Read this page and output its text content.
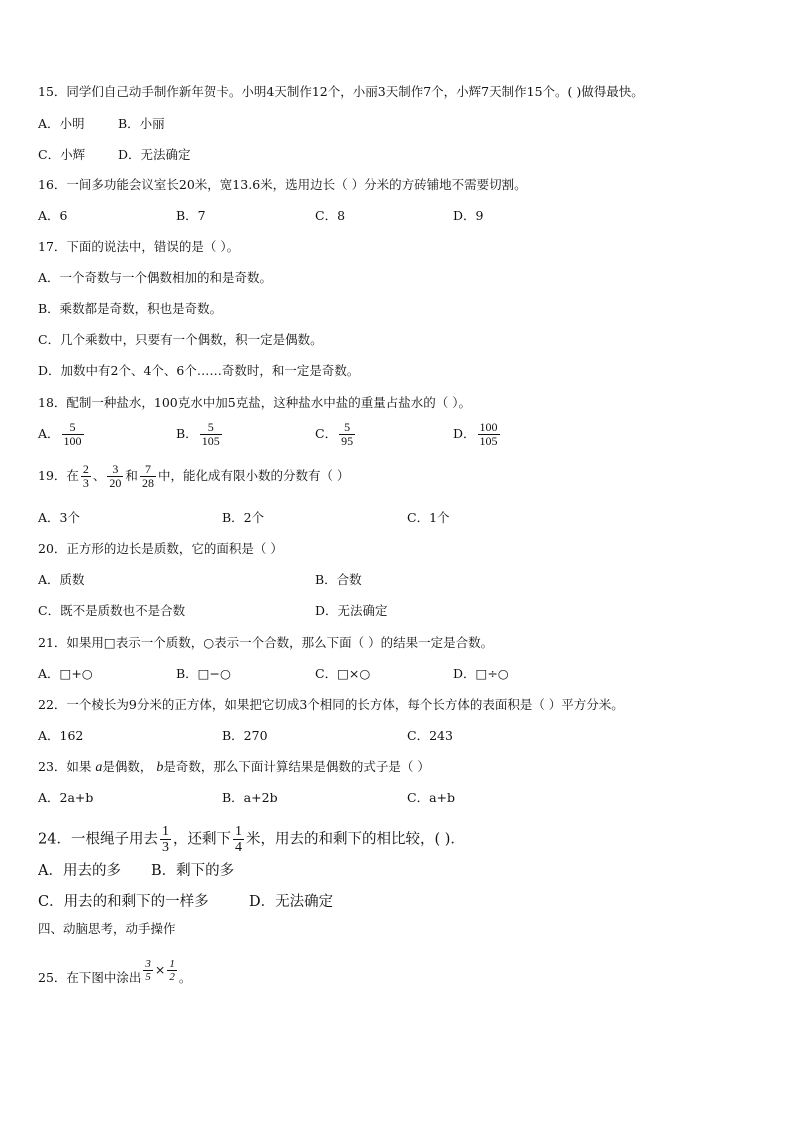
15．同学们自己动手制作新年贺卡。小明4天制作12个，小丽3天制作7个，小辉7天制作15个。( )做得最快。
A．小明	B．小丽
C．小辉	D．无法确定
16．一间多功能会议室长20米，宽13.6米，选用边长（ ）分米的方砖铺地不需要切割。
A．6	B．7	C．8	D．9
17．下面的说法中，错误的是（ ）。
A．一个奇数与一个偶数相加的和是奇数。
B．乘数都是奇数，积也是奇数。
C．几个乘数中，只要有一个偶数，积一定是偶数。
D．加数中有2个、4个、6个……奇数时，和一定是奇数。
18．配制一种盐水，100克水中加5克盐，这种盐水中盐的重量占盐水的（ ）。
A． $\frac{5}{100}$	B． $\frac{5}{105}$	C． $\frac{5}{95}$	D． $\frac{100}{105}$
19．在 $\frac{2}{3}$ 、 $\frac{3}{20}$ 和 $\frac{7}{28}$ 中，能化成有限小数的分数有（ ）
A．3个	B．2个	C．1个
20．正方形的边长是质数，它的面积是（ ）
A．质数	B．合数
C．既不是质数也不是合数	D．无法确定
21．如果用□表示一个质数，○表示一个合数，那么下面（ ）的结果一定是合数。
A．□+○	B．□−○	C．□×○	D．□÷○
22．一个棱长为9分米的正方体，如果把它切成3个相同的长方体，每个长方体的表面积是（ ）平方分米。
A．162	B．270	C．243
23．如果 a是偶数， b是奇数，那么下面计算结果是偶数的式子是（ ）
A．2a+b	B．a+2b	C．a+b
24．一根绳子用去 $\frac{1}{3}$ ，还剩下 $\frac{1}{4}$ 米，用去的和剩下的相比较，( )．
A．用去的多 B．剩下的多
C．用去的和剩下的一样多	D．无法确定
四、动脑思考，动手操作
25．在下图中涂出 $\frac{3}{5} \times \frac{1}{2}$ 。
